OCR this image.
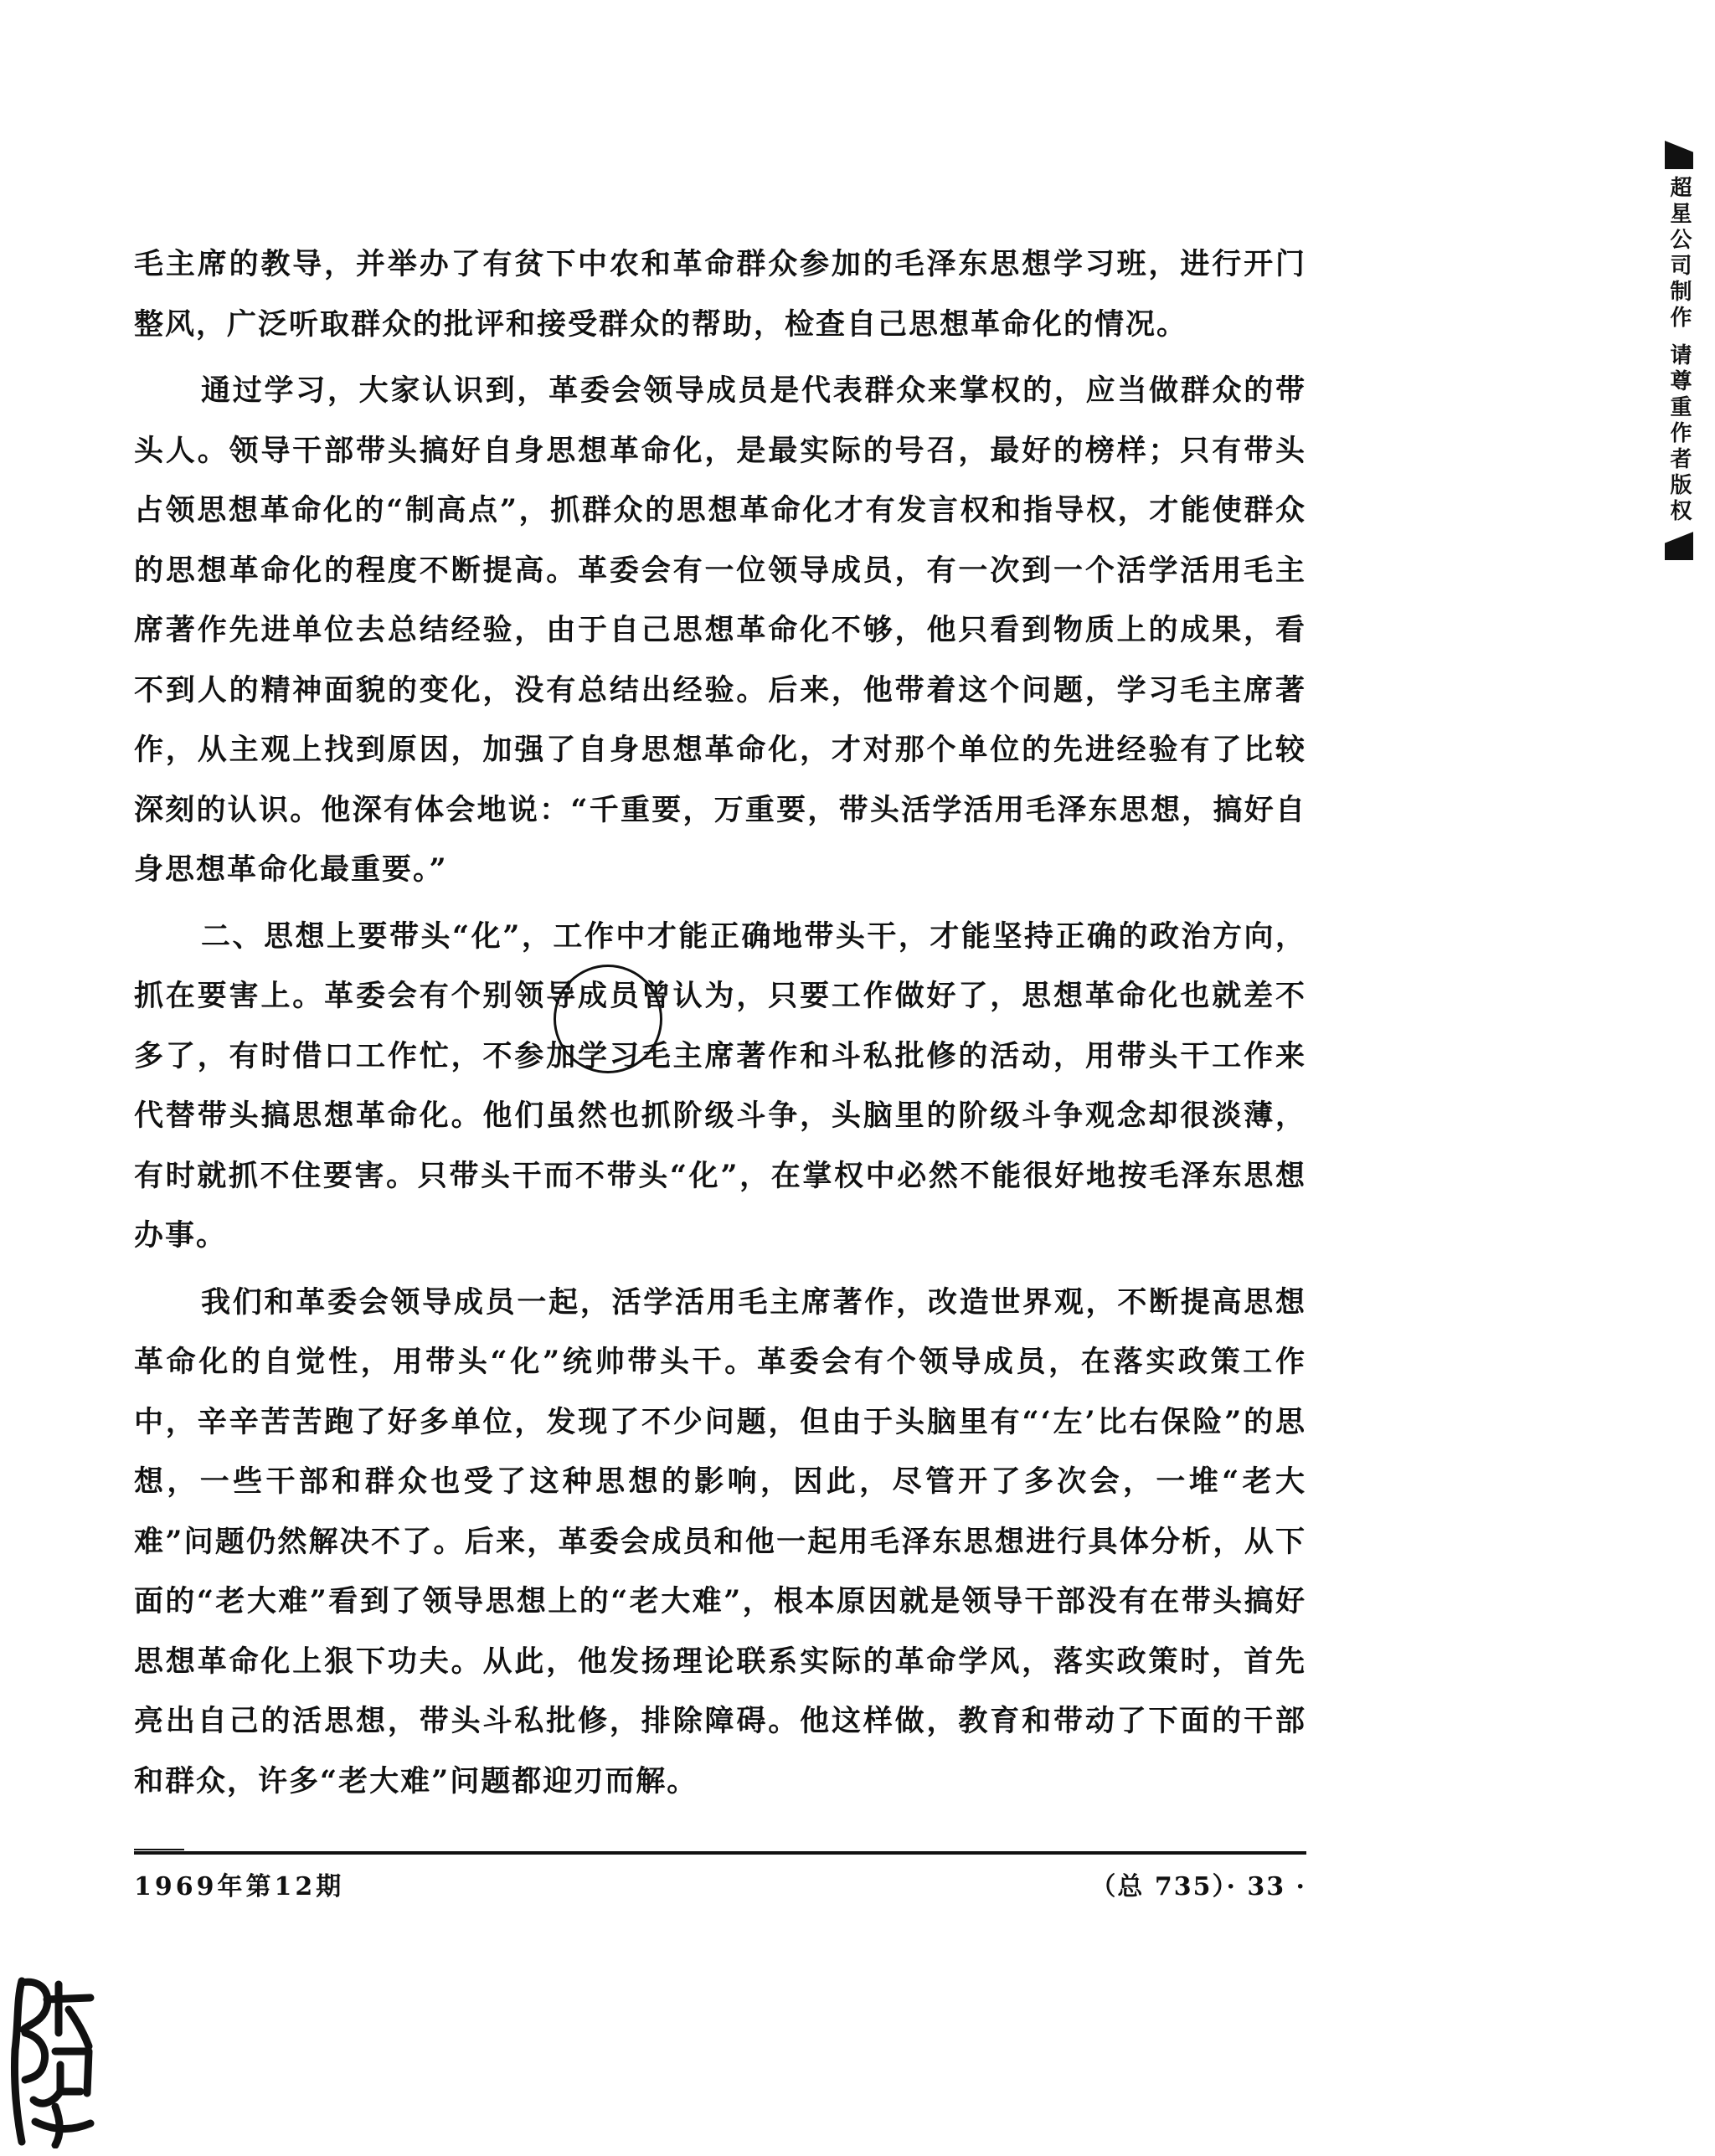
毛主席的教导，并举办了有贫下中农和革命群众参加的毛泽东思想学习班，进行开门整风，广泛听取群众的批评和接受群众的帮助，检查自己思想革命化的情况。

通过学习，大家认识到，革委会领导成员是代表群众来掌权的，应当做群众的带头人。领导干部带头搞好自身思想革命化，是最实际的号召，最好的榜样；只有带头占领思想革命化的“制高点”，抓群众的思想革命化才有发言权和指导权，才能使群众的思想革命化的程度不断提高。革委会有一位领导成员，有一次到一个活学活用毛主席著作先进单位去总结经验，由于自己思想革命化不够，他只看到物质上的成果，看不到人的精神面貌的变化，没有总结出经验。后来，他带着这个问题，学习毛主席著作，从主观上找到原因，加强了自身思想革命化，才对那个单位的先进经验有了比较深刻的认识。他深有体会地说：“千重要，万重要，带头活学活用毛泽东思想，搞好自身思想革命化最重要。”

二、思想上要带头“化”，工作中才能正确地带头干，才能坚持正确的政治方向，抓在要害上。革委会有个别领导成员曾认为，只要工作做好了，思想革命化也就差不多了，有时借口工作忙，不参加学习毛主席著作和斗私批修的活动，用带头干工作来代替带头搞思想革命化。他们虽然也抓阶级斗争，头脑里的阶级斗争观念却很淡薄，有时就抓不住要害。只带头干而不带头“化”，在掌权中必然不能很好地按毛泽东思想办事。

我们和革委会领导成员一起，活学活用毛主席著作，改造世界观，不断提高思想革命化的自觉性，用带头“化”统帅带头干。革委会有个领导成员，在落实政策工作中，辛辛苦苦跑了好多单位，发现了不少问题，但由于头脑里有“‘左’比右保险”的思想，一些干部和群众也受了这种思想的影响，因此，尽管开了多次会，一堆“老大难”问题仍然解决不了。后来，革委会成员和他一起用毛泽东思想进行具体分析，从下面的“老大难”看到了领导思想上的“老大难”，根本原因就是领导干部没有在带头搞好思想革命化上狠下功夫。从此，他发扬理论联系实际的革命学风，落实政策时，首先亮出自己的活思想，带头斗私批修，排除障碍。他这样做，教育和带动了下面的干部和群众，许多“老大难”问题都迎刃而解。

1969年第12期	（总 735）· 33 ·
超星公司制作 请尊重作者版权
